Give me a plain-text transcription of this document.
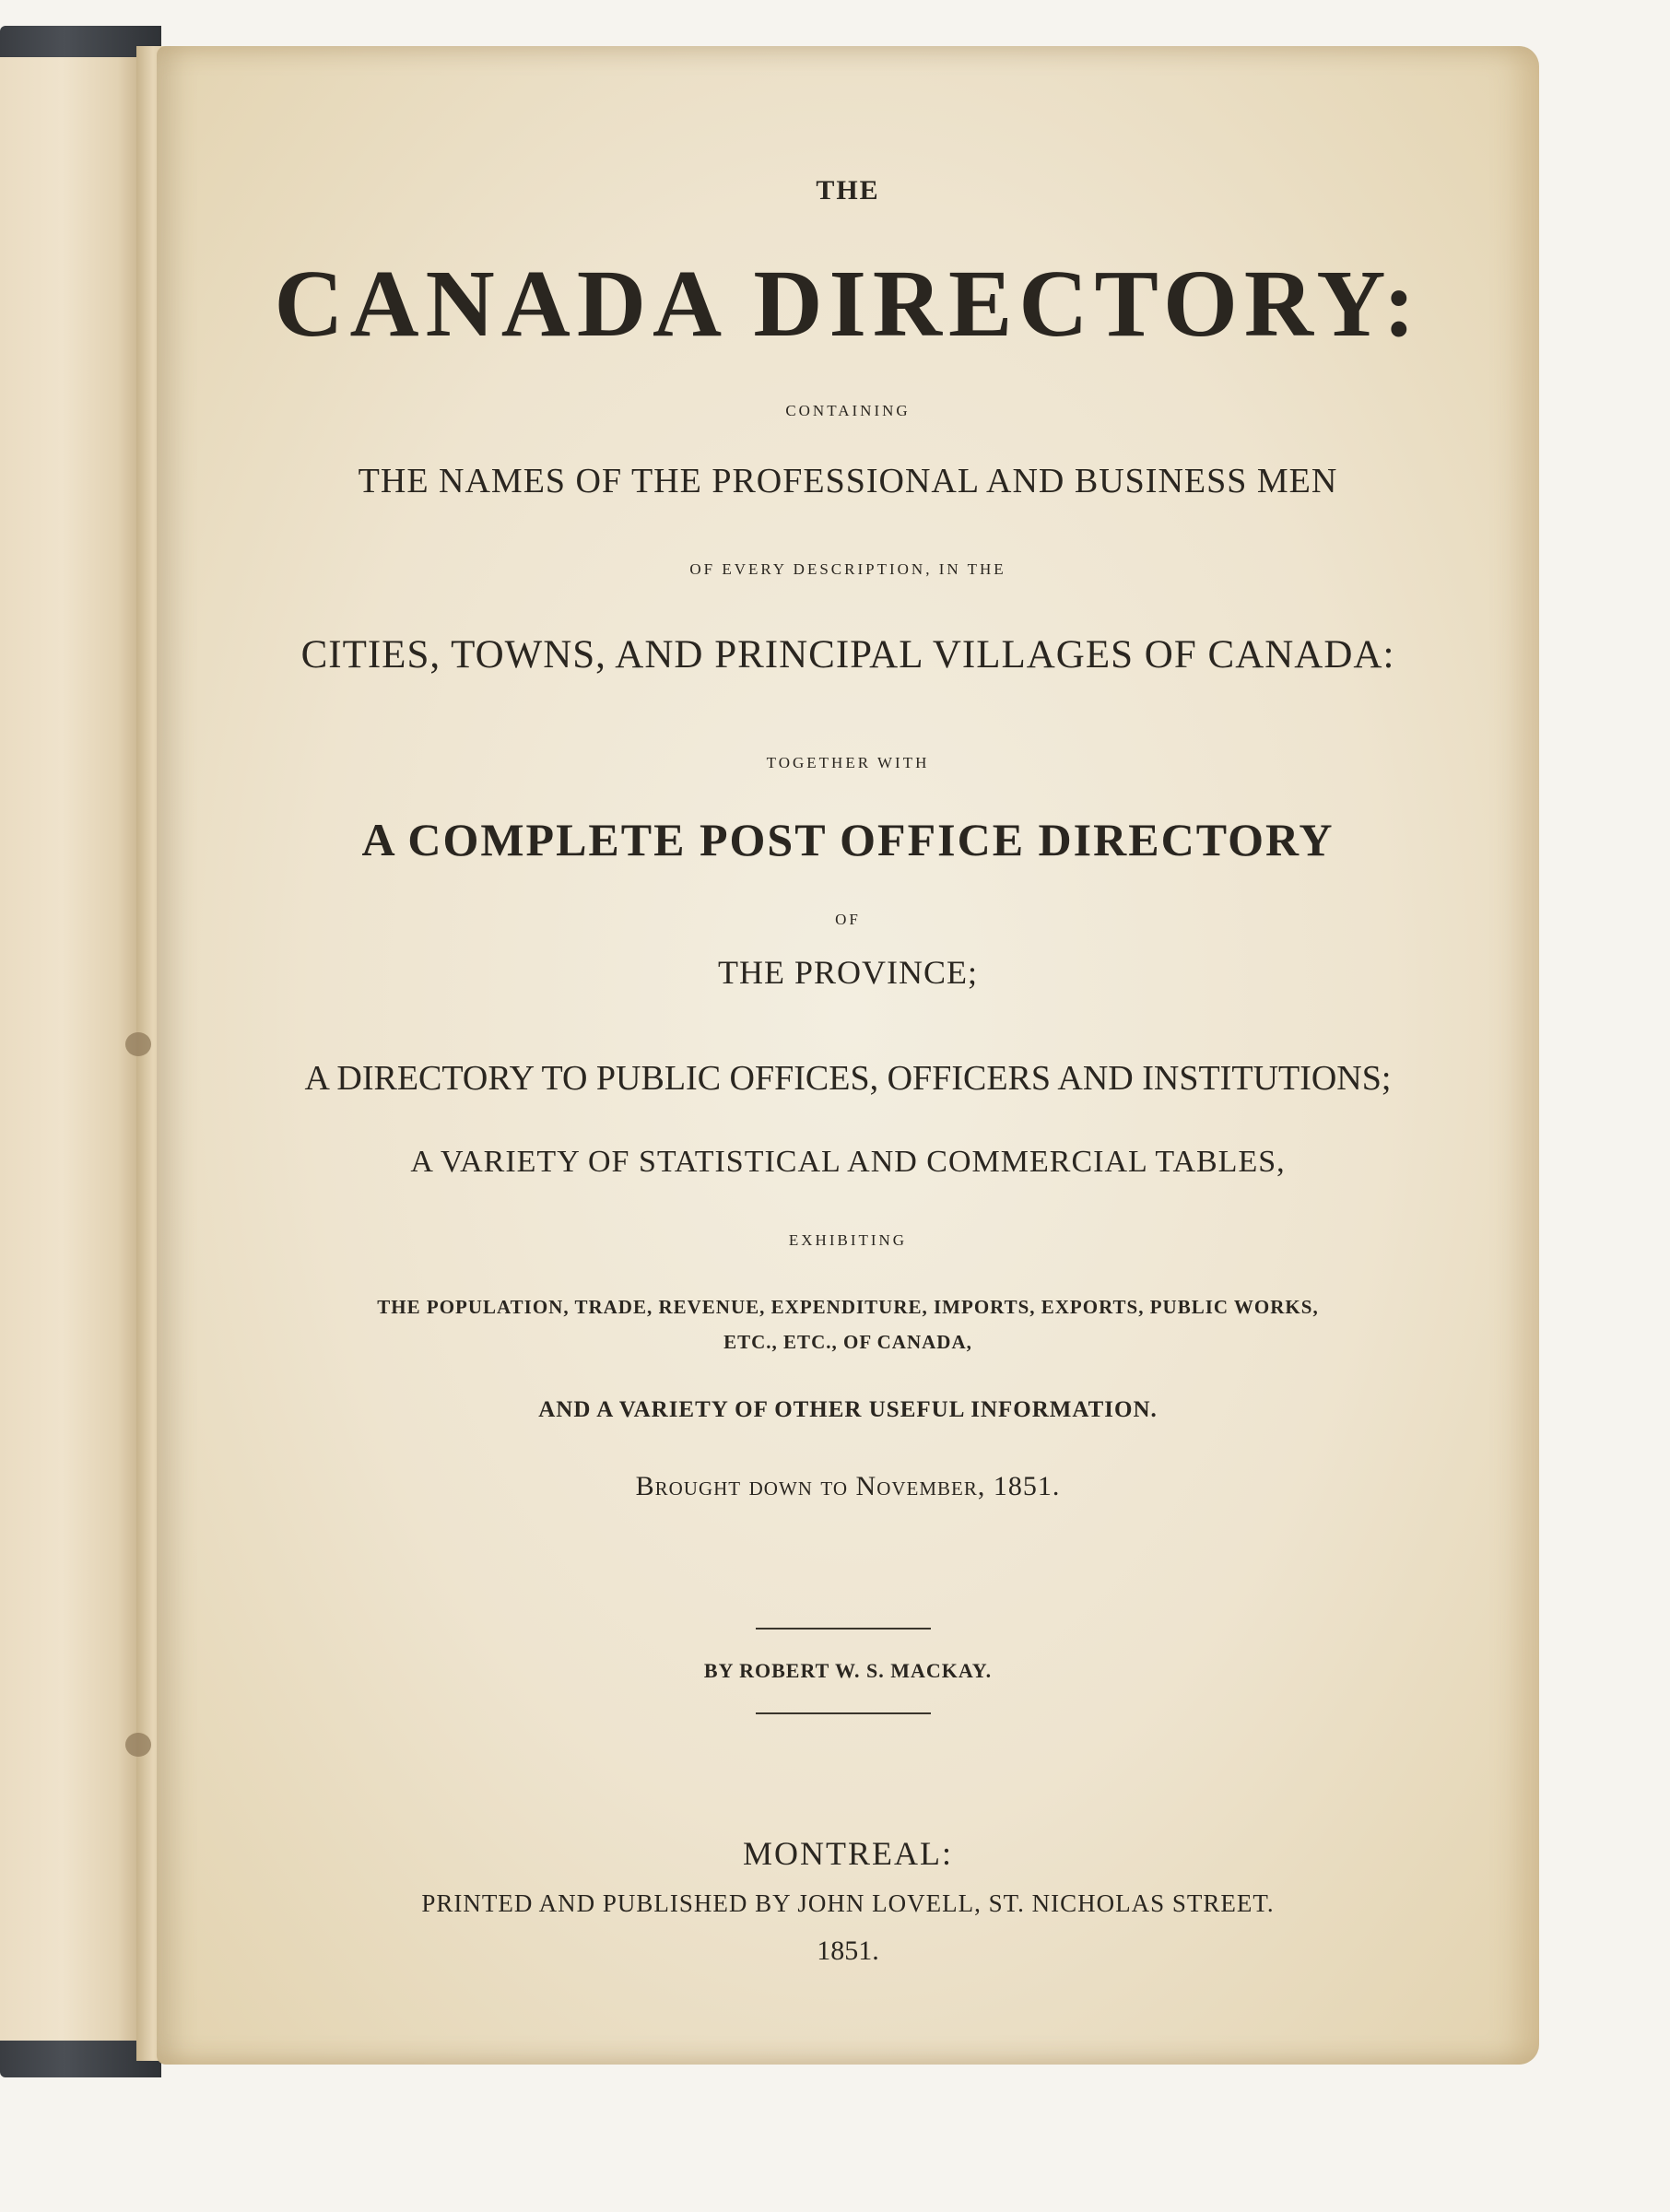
THE
CANADA DIRECTORY:
CONTAINING
THE NAMES OF THE PROFESSIONAL AND BUSINESS MEN
OF EVERY DESCRIPTION, IN THE
CITIES, TOWNS, AND PRINCIPAL VILLAGES OF CANADA:
TOGETHER WITH
A COMPLETE POST OFFICE DIRECTORY
OF
THE PROVINCE;
A DIRECTORY TO PUBLIC OFFICES, OFFICERS AND INSTITUTIONS;
A VARIETY OF STATISTICAL AND COMMERCIAL TABLES,
EXHIBITING
THE POPULATION, TRADE, REVENUE, EXPENDITURE, IMPORTS, EXPORTS, PUBLIC WORKS,
ETC., ETC., OF CANADA,
AND A VARIETY OF OTHER USEFUL INFORMATION.
Brought down to November, 1851.
BY ROBERT W. S. MACKAY.
MONTREAL:
PRINTED AND PUBLISHED BY JOHN LOVELL, ST. NICHOLAS STREET.
1851.
